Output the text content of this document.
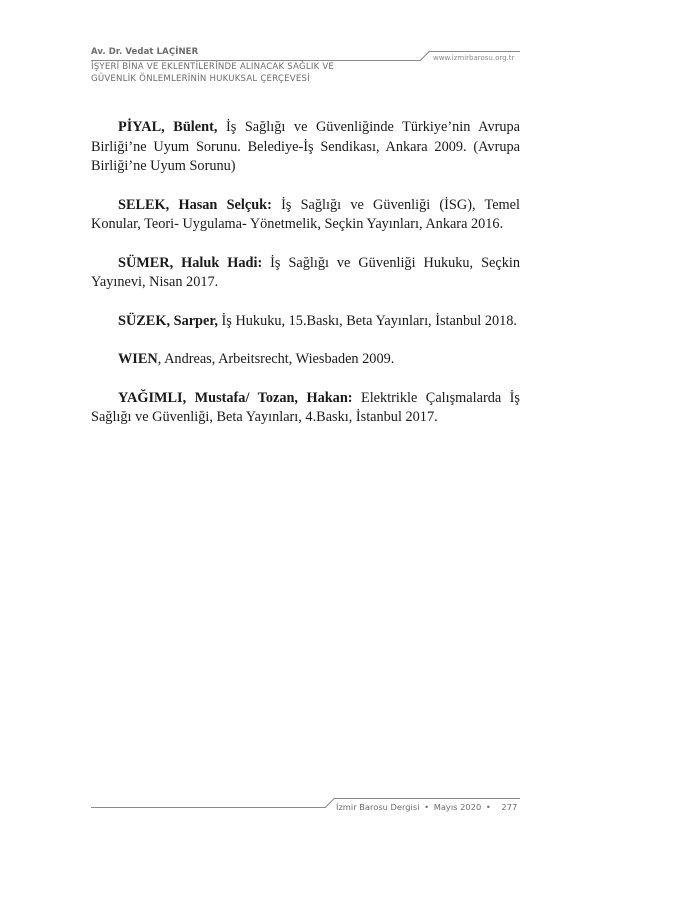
Av. Dr. Vedat LAÇİNER
www.izmirbarosu.org.tr
İŞYERİ BİNA VE EKLENTİLERİNDE ALINACAK SAĞLIK VE
GÜVENLİK ÖNLEMLERİNİN HUKUKSAL ÇERÇEVESİ

PİYAL, Bülent, İş Sağlığı ve Güvenliğinde Türkiye’nin Avrupa Birliği’ne Uyum Sorunu. Belediye-İş Sendikası, Ankara 2009. (Avrupa Birliği’ne Uyum Sorunu)

SELEK, Hasan Selçuk: İş Sağlığı ve Güvenliği (İSG), Temel Konular, Teori- Uygulama- Yönetmelik, Seçkin Yayınları, Ankara 2016.

SÜMER, Haluk Hadi: İş Sağlığı ve Güvenliği Hukuku, Seçkin Yayınevi, Nisan 2017.

SÜZEK, Sarper, İş Hukuku, 15.Baskı, Beta Yayınları, İstanbul 2018.

WIEN, Andreas, Arbeitsrecht, Wiesbaden 2009.

YAĞIMLI, Mustafa/ Tozan, Hakan: Elektrikle Çalışmalarda İş Sağlığı ve Güvenliği, Beta Yayınları, 4.Baskı, İstanbul 2017.

İzmir Barosu Dergisi • Mayıs 2020 • 277
